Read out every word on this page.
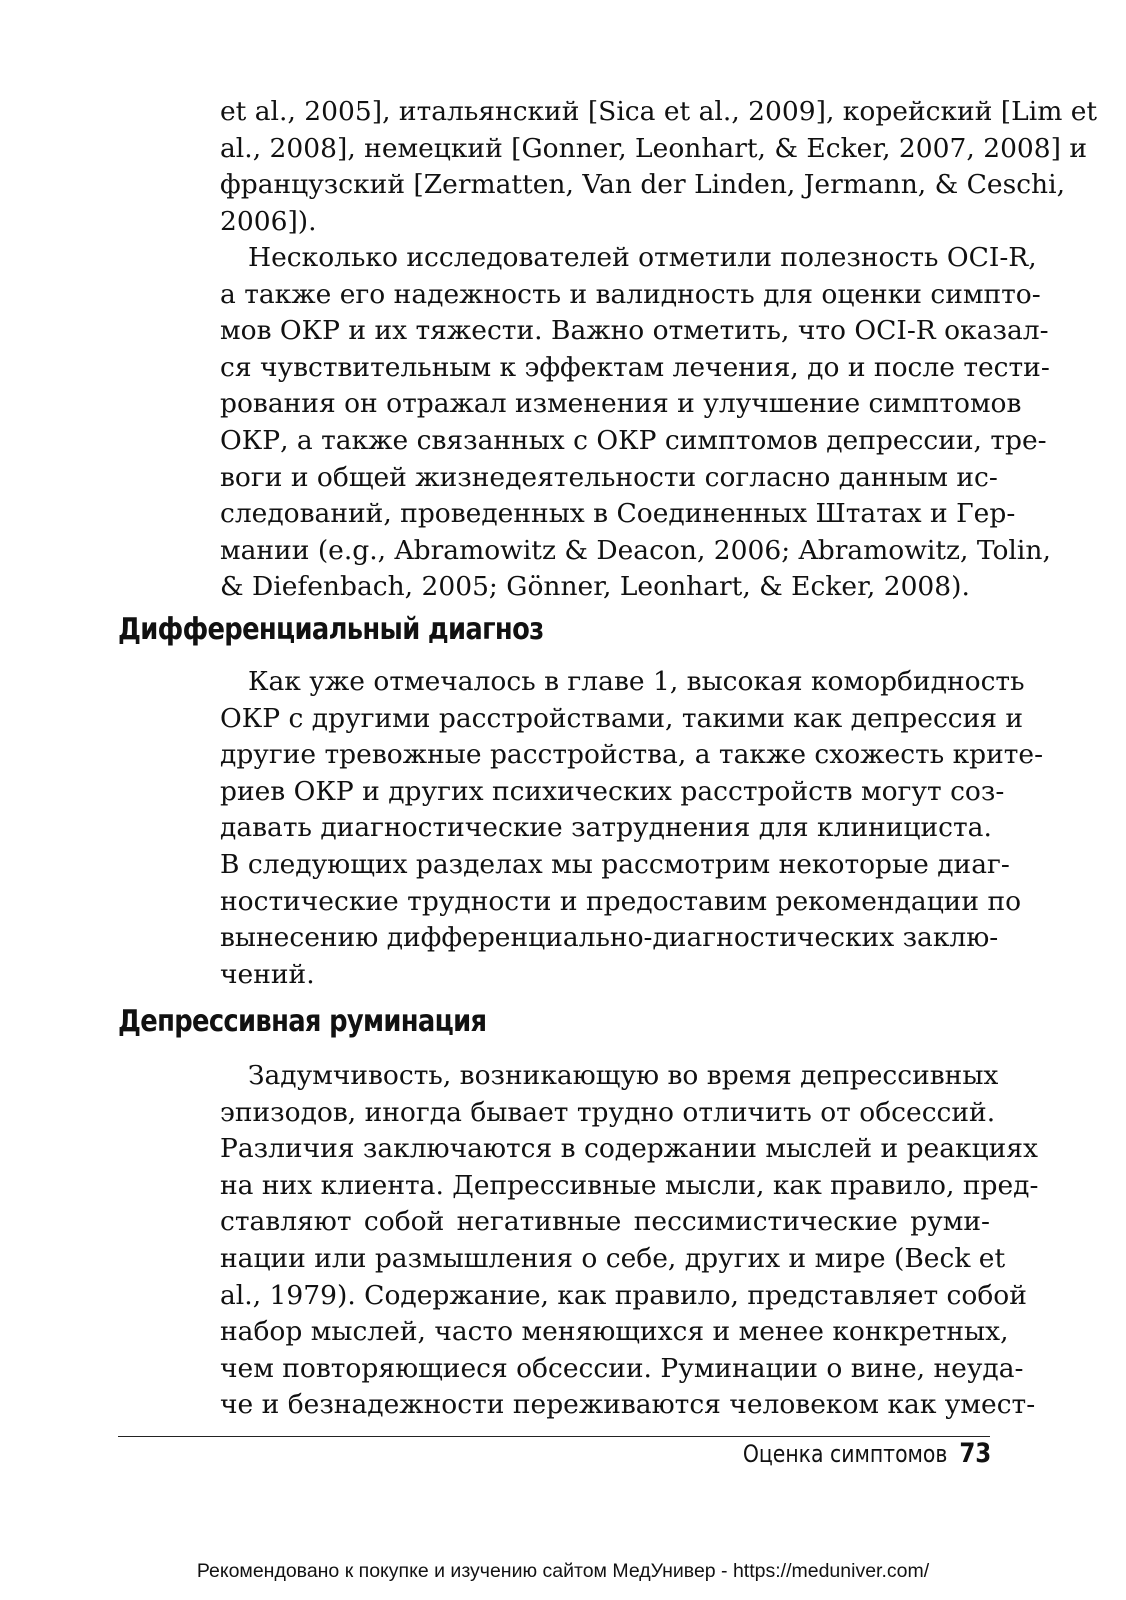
et al., 2005], итальянский [Sica et al., 2009], корейский [Lim et
al., 2008], немецкий [Gonner, Leonhart, & Ecker, 2007, 2008] и
французский [Zermatten, Van der Linden, Jermann, & Ceschi,
2006]).
Несколько исследователей отметили полезность OCI-R,
а также его надежность и валидность для оценки симпто-
мов ОКР и их тяжести. Важно отметить, что OCI-R оказал-
ся чувствительным к эффектам лечения, до и после тести-
рования он отражал изменения и улучшение симптомов
ОКР, а также связанных с ОКР симптомов депрессии, тре-
воги и общей жизнедеятельности согласно данным ис-
следований, проведенных в Соединенных Штатах и Гер-
мании (e.g., Abramowitz & Deacon, 2006; Abramowitz, Tolin,
& Diefenbach, 2005; Gönner, Leonhart, & Ecker, 2008).
Дифференциальный диагноз
Как уже отмечалось в главе 1, высокая коморбидность
ОКР с другими расстройствами, такими как депрессия и
другие тревожные расстройства, а также схожесть крите-
риев ОКР и других психических расстройств могут соз-
давать диагностические затруднения для клинициста.
В следующих разделах мы рассмотрим некоторые диаг-
ностические трудности и предоставим рекомендации по
вынесению дифференциально-диагностических заклю-
чений.
Депрессивная руминация
Задумчивость, возникающую во время депрессивных
эпизодов, иногда бывает трудно отличить от обсессий.
Различия заключаются в содержании мыслей и реакциях
на них клиента. Депрессивные мысли, как правило, пред-
ставляют собой негативные пессимистические руми-
нации или размышления о себе, других и мире (Beck et
al., 1979). Содержание, как правило, представляет собой
набор мыслей, часто меняющихся и менее конкретных,
чем повторяющиеся обсессии. Руминации о вине, неуда-
че и безнадежности переживаются человеком как умест-
Оценка симптомов 73
Рекомендовано к покупке и изучению сайтом МедУнивер - https://meduniver.com/
